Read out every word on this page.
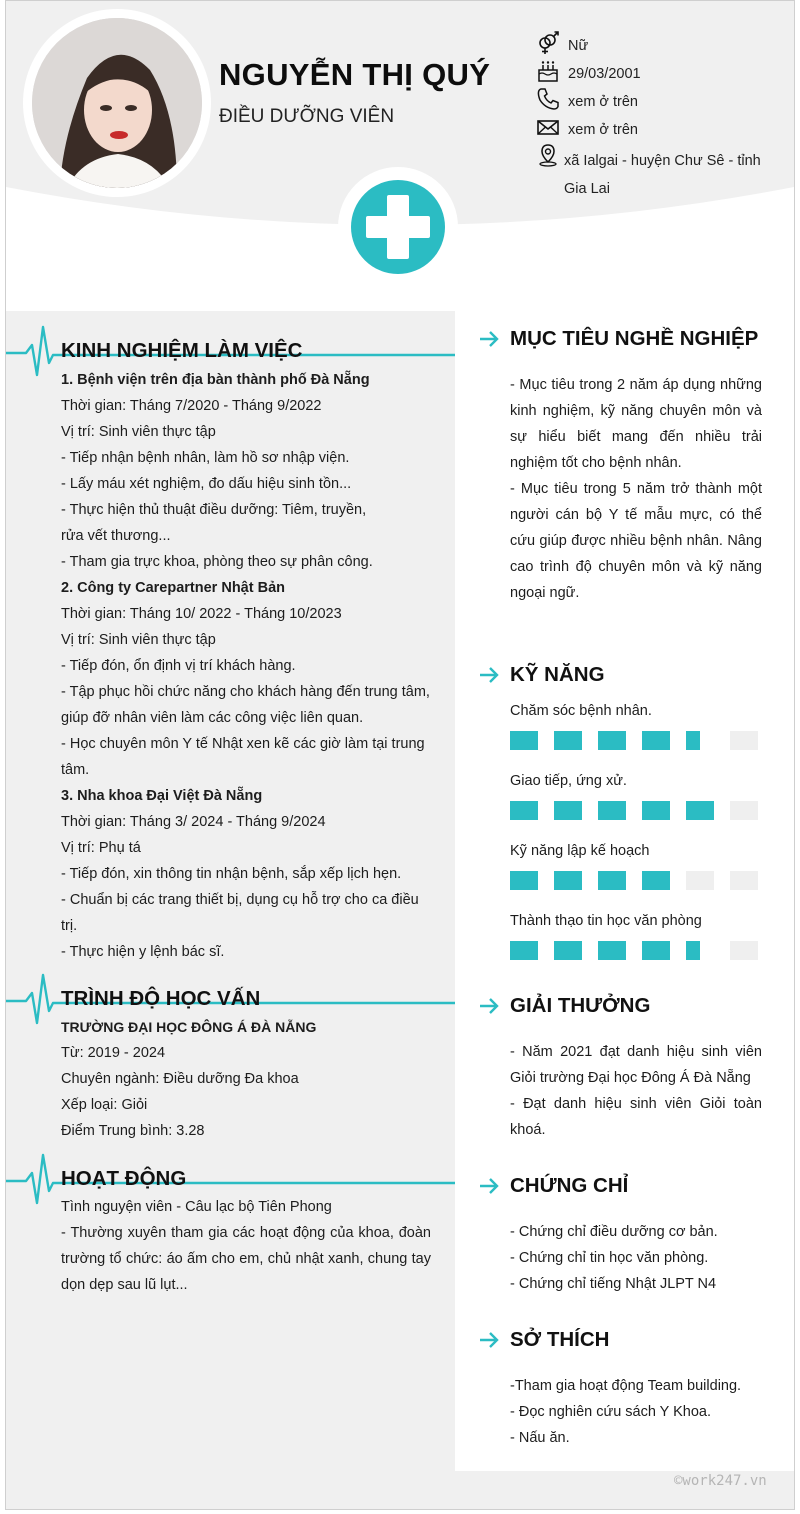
NGUYỄN THỊ QUÝ
ĐIỀU DƯỠNG VIÊN
Nữ
29/03/2001
xem ở trên
xem ở trên
xã Ialgai - huyện Chư Sê - tỉnh Gia Lai
KINH NGHIỆM LÀM VIỆC

1. Bệnh viện trên địa bàn thành phố Đà Nẵng

Thời gian: Tháng 7/2020 - Tháng 9/2022

Vị trí: Sinh viên thực tập

- Tiếp nhận bệnh nhân, làm hồ sơ nhập viện.

- Lấy máu xét nghiệm, đo dấu hiệu sinh tồn...

- Thực hiện thủ thuật điều dưỡng: Tiêm, truyền, rửa vết thương...

- Tham gia trực khoa, phòng theo sự phân công.

2. Công ty Carepartner Nhật Bản

Thời gian: Tháng 10/ 2022 - Tháng 10/2023

Vị trí: Sinh viên thực tập

- Tiếp đón, ổn định vị trí khách hàng.

- Tập phục hồi chức năng cho khách hàng đến trung tâm, giúp đỡ nhân viên làm các công việc liên quan.

- Học chuyên môn Y tế Nhật xen kẽ các giờ làm tại trung tâm.

3. Nha khoa Đại Việt Đà Nẵng

Thời gian: Tháng 3/ 2024 - Tháng 9/2024

Vị trí: Phụ tá

- Tiếp đón, xin thông tin nhận bệnh, sắp xếp lịch hẹn.

- Chuẩn bị các trang thiết bị, dụng cụ hỗ trợ cho ca điều trị.

- Thực hiện y lệnh bác sĩ.

TRÌNH ĐỘ HỌC VẤN

TRƯỜNG ĐẠI HỌC ĐÔNG Á ĐÀ NẴNG

Từ: 2019 - 2024

Chuyên ngành: Điều dưỡng Đa khoa

Xếp loại: Giỏi

Điểm Trung bình: 3.28

HOẠT ĐỘNG

Tình nguyện viên - Câu lạc bộ Tiên Phong

- Thường xuyên tham gia các hoạt động của khoa, đoàn trường tổ chức: áo ấm cho em, chủ nhật xanh, chung tay dọn dẹp sau lũ lụt...

MỤC TIÊU NGHỀ NGHIỆP

- Mục tiêu trong 2 năm áp dụng những kinh nghiệm, kỹ năng chuyên môn và sự hiểu biết mang đến nhiều trải nghiệm tốt cho bệnh nhân.

- Mục tiêu trong 5 năm trở thành một người cán bộ Y tế mẫu mực, có thể cứu giúp được nhiều bệnh nhân. Nâng cao trình độ chuyên môn và kỹ năng ngoại ngữ.

KỸ NĂNG
Chăm sóc bệnh nhân.
Giao tiếp, ứng xử.
Kỹ năng lập kế hoạch
Thành thạo tin học văn phòng
GIẢI THƯỞNG

- Năm 2021 đạt danh hiệu sinh viên Giỏi trường Đại học Đông Á Đà Nẵng

- Đạt danh hiệu sinh viên Giỏi toàn khoá.

CHỨNG CHỈ

- Chứng chỉ điều dưỡng cơ bản.

- Chứng chỉ tin học văn phòng.

- Chứng chỉ tiếng Nhật JLPT N4

SỞ THÍCH

-Tham gia hoạt động Team building.

- Đọc nghiên cứu sách Y Khoa.

- Nấu ăn.

©work247.vn
